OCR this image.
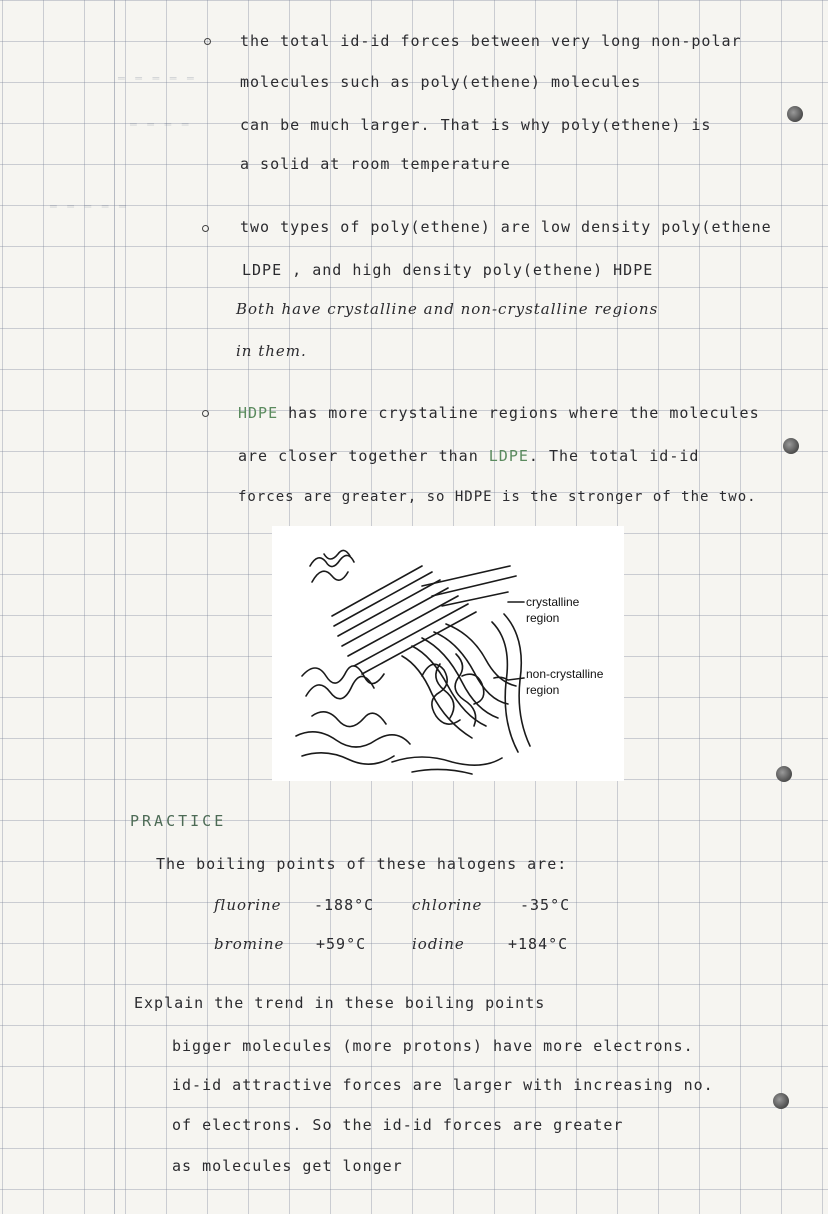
═ ═ ═ ═ ═
═ ═ ═ ═
═ ═ ═ ═ ═
the total id-id forces between very long non-polar
molecules such as poly(ethene) molecules
can be much larger. That is why poly(ethene) is
a solid at room temperature
two types of poly(ethene) are low density poly(ethene
LDPE , and high density poly(ethene) HDPE
Both have crystalline and non-crystalline regions
in them.
HDPE has more crystaline regions where the molecules
are closer together than LDPE. The total id-id
forces are greater, so HDPE is the stronger of the two.
crystalline
region
non-crystalline
region
PRACTICE
The boiling points of these halogens are:
fluorine -188°C	chlorine	-35°C
bromine +59°C	iodine	+184°C
Explain the trend in these boiling points
bigger molecules (more protons) have more electrons.
id-id attractive forces are larger with increasing no.
of electrons. So the id-id forces are greater
as molecules get longer
